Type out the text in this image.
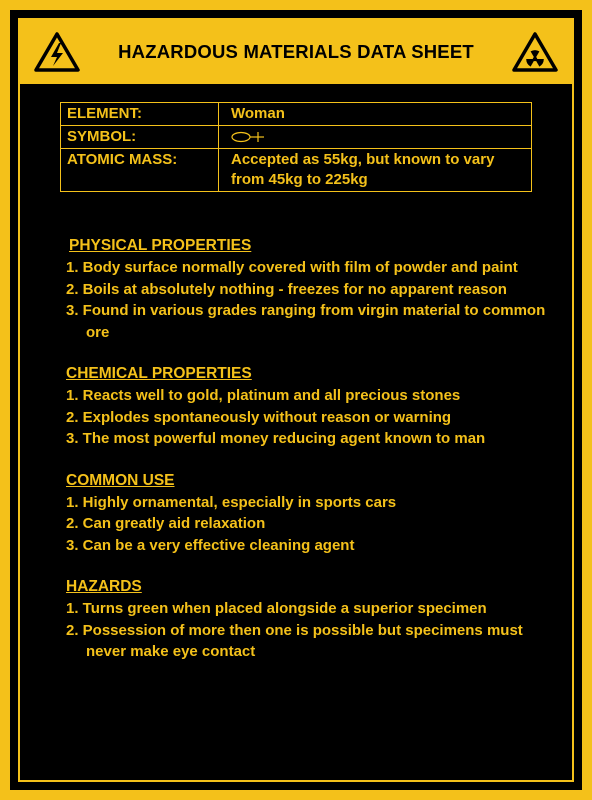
HAZARDOUS MATERIALS DATA SHEET
ELEMENT:	Woman
SYMBOL:	
ATOMIC MASS:	Accepted as 55kg, but known to vary from 45kg to 225kg
PHYSICAL PROPERTIES
1. Body surface normally covered with film of powder and paint
2. Boils at absolutely nothing - freezes for no apparent reason
3. Found in various grades ranging from virgin material to common ore
CHEMICAL PROPERTIES
1. Reacts well to gold, platinum and all precious stones
2. Explodes spontaneously without reason or warning
3. The most powerful money reducing agent known to man
COMMON USE
1. Highly ornamental, especially in sports cars
2. Can greatly aid relaxation
3. Can be a very effective cleaning agent
HAZARDS
1. Turns green when placed alongside a superior specimen
2. Possession of more then one is possible but specimens must never make eye contact
